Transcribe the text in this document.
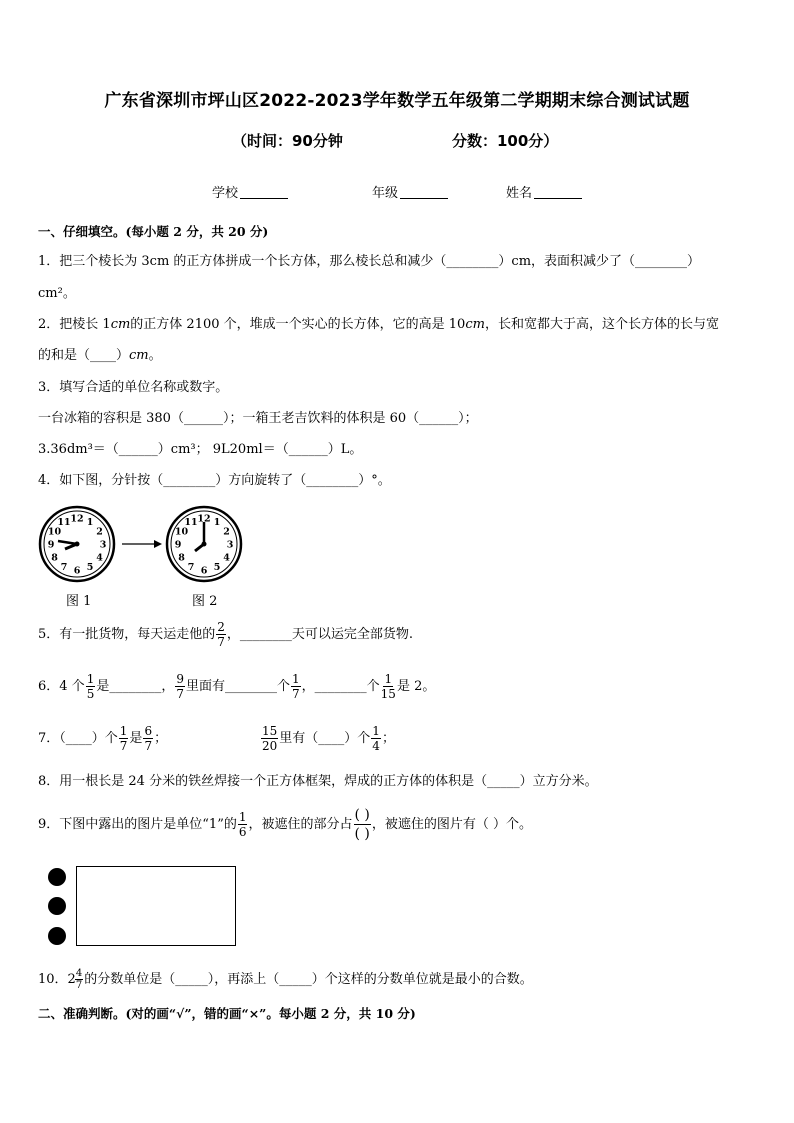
广东省深圳市坪山区2022-2023学年数学五年级第二学期期末综合测试试题
（时间：90分钟	分数：100分）
学校	年级	姓名
一、仔细填空。(每小题 2 分，共 20 分)
1．把三个棱长为 3cm 的正方体拼成一个长方体，那么棱长总和减少（________）cm，表面积减少了（________）
cm²。
2．把棱长 1cm的正方体 2100 个，堆成一个实心的长方体，它的高是 10cm，长和宽都大于高，这个长方体的长与宽
的和是（____）cm。
3．填写合适的单位名称或数字。
一台冰箱的容积是 380（______）；一箱王老吉饮料的体积是 60（______）；
3.36dm³＝（______）cm³； 9L20ml＝（______）L。
4．如下图，分针按（________）方向旋转了（________）°。
12 1
2
3
4
5
6
7
8
9
10
11	12 1
2
3
4
5
6
7
8
9
10
11
图 1	图 2
5．有一批货物，每天运走他的 $\frac{2}{7}$ ，________天可以运完全部货物.
6．4 个 $\frac{1}{5}$ 是________， $\frac{9}{7}$ 里面有________个 $\frac{1}{7}$ ，________个 $\frac{1}{15}$ 是 2。
7．（____）个 $\frac{1}{7}$ 是 $\frac{6}{7}$ ；	$\frac{15}{20}$ 里有（____）个 $\frac{1}{4}$ ；
8．用一根长是 24 分米的铁丝焊接一个正方体框架，焊成的正方体的体积是（_____）立方分米。
9．下图中露出的图片是单位“1”的 $\frac{1}{6}$ ，被遮住的部分占 $\frac{( )}{( )}$ ，被遮住的图片有（ ）个。
10．$2 \frac{4}{7}$ 的分数单位是（_____），再添上（_____）个这样的分数单位就是最小的合数。
二、准确判断。(对的画“√”，错的画“×”。每小题 2 分，共 10 分)
